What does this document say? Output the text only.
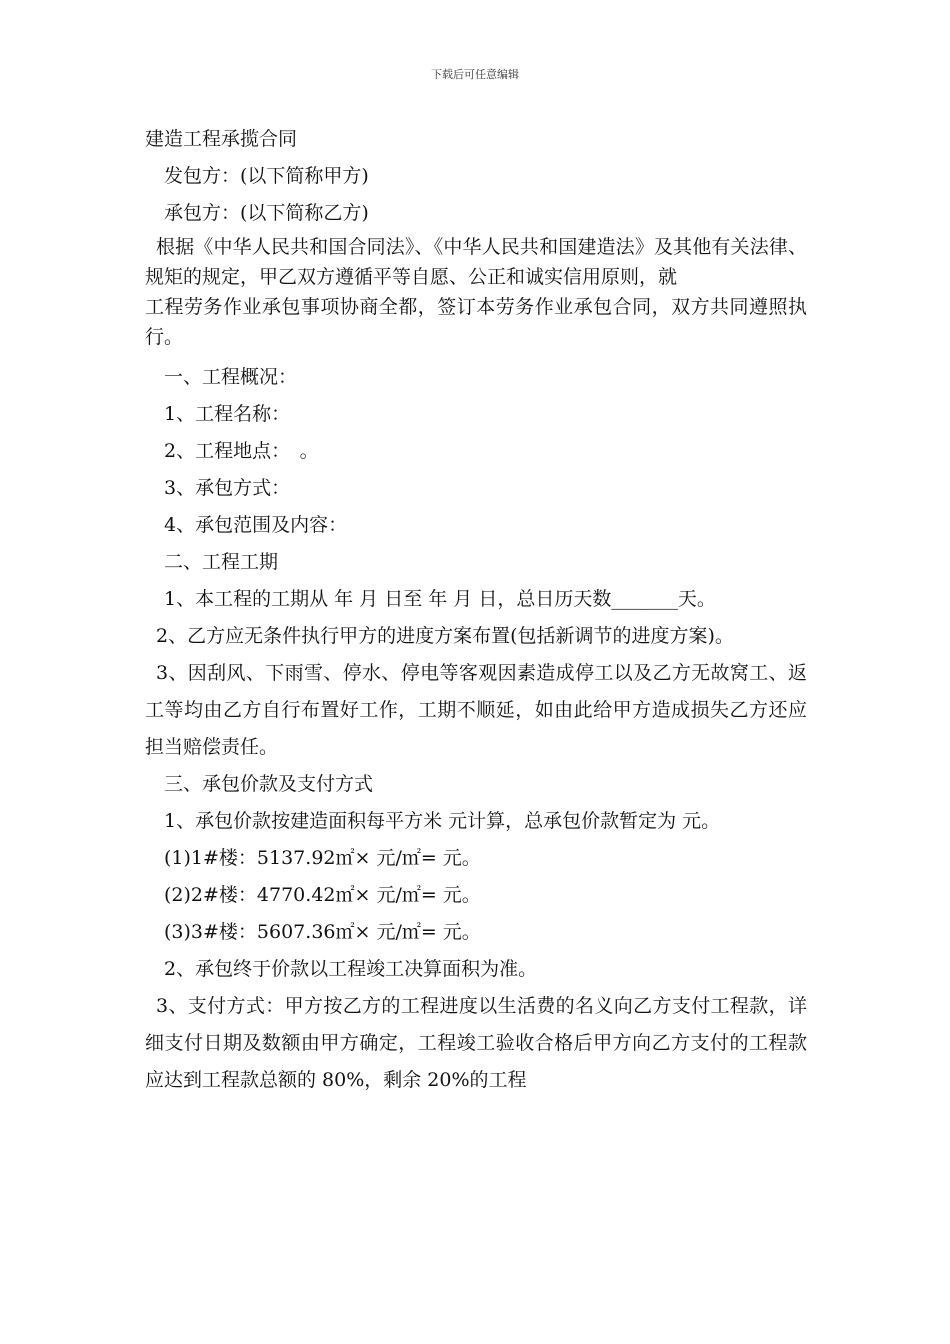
下载后可任意编辑

建造工程承揽合同

发包方：(以下简称甲方)

承包方：(以下简称乙方)

根据《中华人民共和国合同法》、《中华人民共和国建造法》及其他有关法律、规矩的规定，甲乙双方遵循平等自愿、公正和诚实信用原则，就

工程劳务作业承包事项协商全都，签订本劳务作业承包合同，双方共同遵照执行。

一、工程概况：

1、工程名称：

2、工程地点：　。

3、承包方式：

4、承包范围及内容：

二、工程工期

1、本工程的工期从 年 月 日至 年 月 日，总日历天数_______天。

2、乙方应无条件执行甲方的进度方案布置(包括新调节的进度方案)。

3、因刮风、下雨雪、停水、停电等客观因素造成停工以及乙方无故窝工、返工等均由乙方自行布置好工作，工期不顺延，如由此给甲方造成损失乙方还应担当赔偿责任。

三、承包价款及支付方式

1、承包价款按建造面积每平方米 元计算，总承包价款暂定为 元。

(1)1#楼：5137.92㎡× 元/㎡= 元。

(2)2#楼：4770.42㎡× 元/㎡= 元。

(3)3#楼：5607.36㎡× 元/㎡= 元。

2、承包终于价款以工程竣工决算面积为准。

3、支付方式：甲方按乙方的工程进度以生活费的名义向乙方支付工程款，详细支付日期及数额由甲方确定，工程竣工验收合格后甲方向乙方支付的工程款应达到工程款总额的 80%，剩余 20%的工程
